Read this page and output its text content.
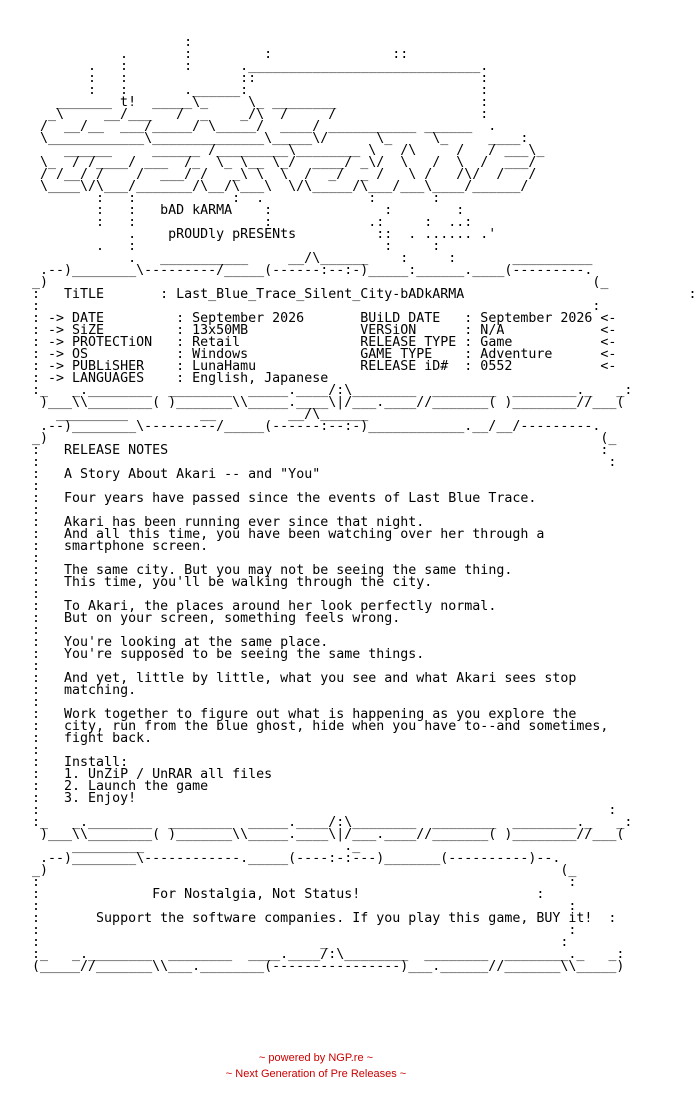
:
.       :         :               ::
.   :       :      ._____________________________.
:   :              ::                            :
:   :       .______:                             :
_______ t!  _____\_     \_ ________                  :
_\     __/___   /  _    _/\  /     /                  :
/  __/__  ___/_____/ \_____/  ____/ ___________ ______  .
\____________\______________\_____\/      \_     \_     ____:
______     ______ /_________\________ \   /\     /   / ___\_
\_  / /____/ ___  /_  \_ \__ \_/  ____/ _\/  \   /  \  /  ___/
/ /__/ /    /  ___/ /   _\ \  \  /  _/  _ /   \ /   /\/  /   /
\____\/\___/_______/\__/\___\  \/\_____/\___/___\____/______/
:   :            :  .             :       :
:   :   bAD kARMA    :              :        :
:   :                :            .:     :  ..:
.    pROUDly pRESENts          ::  . ...... .'
.   :                               :     :
.   ___________     __/\______    :     :       __________
.--)________\---------/_____(------:--:-)_____:______.____(---------.
_)                                                                    (_
:   TiTLE       : Last_Blue_Trace_Silent_City-bADkARMA	:
:                                                                     :
: -> DATE         : September 2026       BUiLD DATE   : September 2026 <-
: -> SiZE         : 13x50MB              VERSiON      : N/A            <-
: -> PROTECTiON   : Retail               RELEASE TYPE : Game           <-
: -> OS           : Windows              GAME TYPE    : Adventure      <-
: -> PUBLiSHER    : LunaHamu             RELEASE iD#  : 0552           <-
: -> LANGUAGES    : English, Japanese
:_   _.________  ________  _____.____/:\________  ________  ________._   _:
)___\\________( )_______\\_____.____\|/___.____//_______( )________//___(
_________         __         __/\______
.--)________\---------/_____(------:--:-)____________.__/__/---------.
_)                                                                     (_
:   RELEASE NOTES	:
:                                                                       :
:   A Story About Akari -- and "You"
:
:   Four years have passed since the events of Last Blue Trace.
:
:   Akari has been running ever since that night.
:   And all this time, you have been watching over her through a
:   smartphone screen.
:
:   The same city. But you may not be seeing the same thing.
:   This time, you'll be walking through the city.
:
:   To Akari, the places around her look perfectly normal.
:   But on your screen, something feels wrong.
:
:   You're looking at the same place.
:   You're supposed to be seeing the same things.
:
:   And yet, little by little, what you see and what Akari sees stop
:   matching.
:
:   Work together to figure out what is happening as you explore the
:   city, run from the blue ghost, hide when you have to--and sometimes,
:   fight back.
:
:   Install:
:   1. UnZiP / UnRAR all files
:   2. Launch the game
:   3. Enjoy!
:                                                                       :
:_   _.________  ________  _____.____/:\________  ________  ________._   _:
)___\\________( )_______\\_____.____\|/___.____//_______( )________//___(
_________                         ._
.--)________\------------._____(----:-:---)_______(----------)--.
_)                                                                (_
:                                                                  :
:	For Nostalgia, Not Status!	:
:                                                                  :
:	Support the software companies. If you play this game, BUY it!  :
:                                                                  :
:                                   _                             :
:_   _.________  ________  ____.____/:\________  ________  ________._   _:
(_____//_______\\___.________(----------------)___.______//_______\\_____)
~ powered by NGP.re ~
~ Next Generation of Pre Releases ~
